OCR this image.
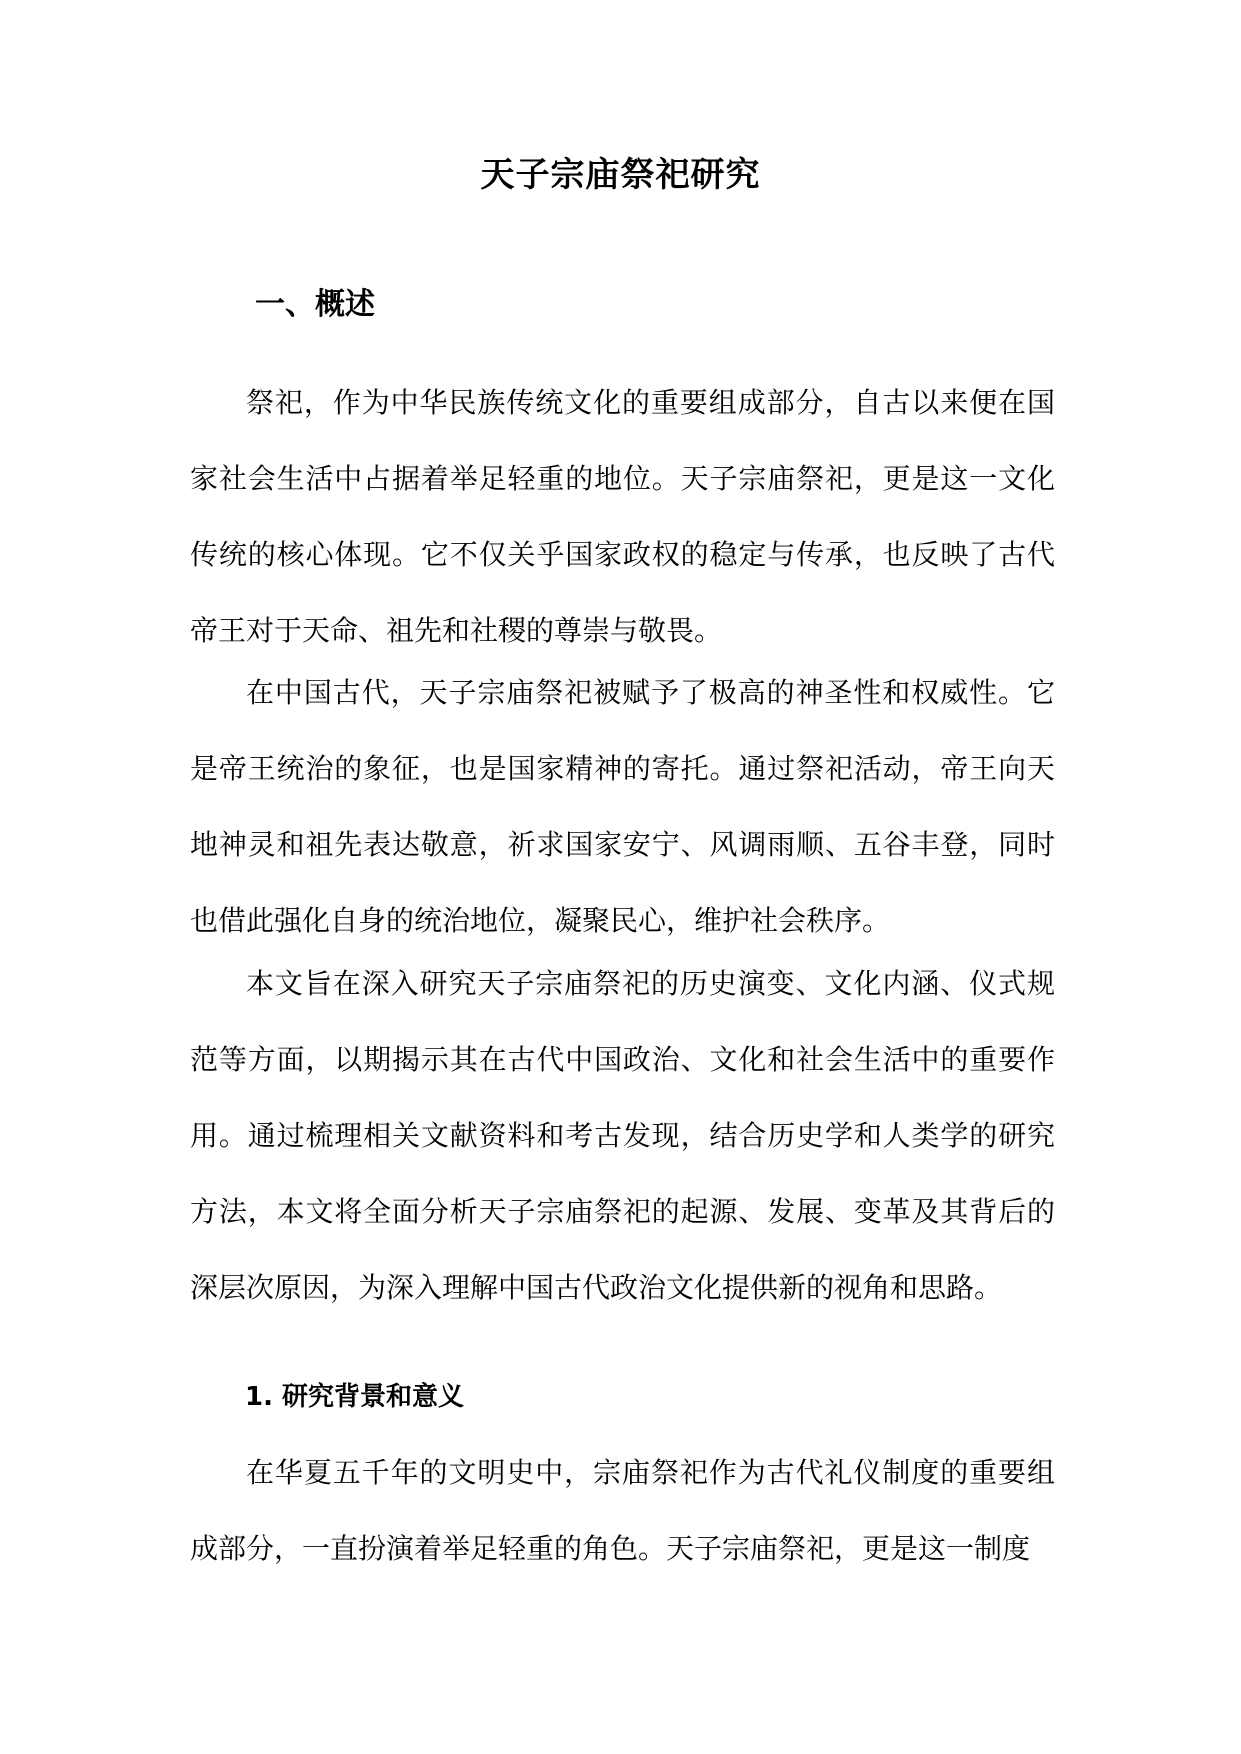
天子宗庙祭祀研究
一、概述

祭祀，作为中华民族传统文化的重要组成部分，自古以来便在国家社会生活中占据着举足轻重的地位。天子宗庙祭祀，更是这一文化传统的核心体现。它不仅关乎国家政权的稳定与传承，也反映了古代帝王对于天命、祖先和社稷的尊崇与敬畏。

在中国古代，天子宗庙祭祀被赋予了极高的神圣性和权威性。它是帝王统治的象征，也是国家精神的寄托。通过祭祀活动，帝王向天地神灵和祖先表达敬意，祈求国家安宁、风调雨顺、五谷丰登，同时也借此强化自身的统治地位，凝聚民心，维护社会秩序。

本文旨在深入研究天子宗庙祭祀的历史演变、文化内涵、仪式规范等方面，以期揭示其在古代中国政治、文化和社会生活中的重要作用。通过梳理相关文献资料和考古发现，结合历史学和人类学的研究方法，本文将全面分析天子宗庙祭祀的起源、发展、变革及其背后的深层次原因，为深入理解中国古代政治文化提供新的视角和思路。

1. 研究背景和意义

在华夏五千年的文明史中，宗庙祭祀作为古代礼仪制度的重要组成部分，一直扮演着举足轻重的角色。天子宗庙祭祀，更是这一制度
